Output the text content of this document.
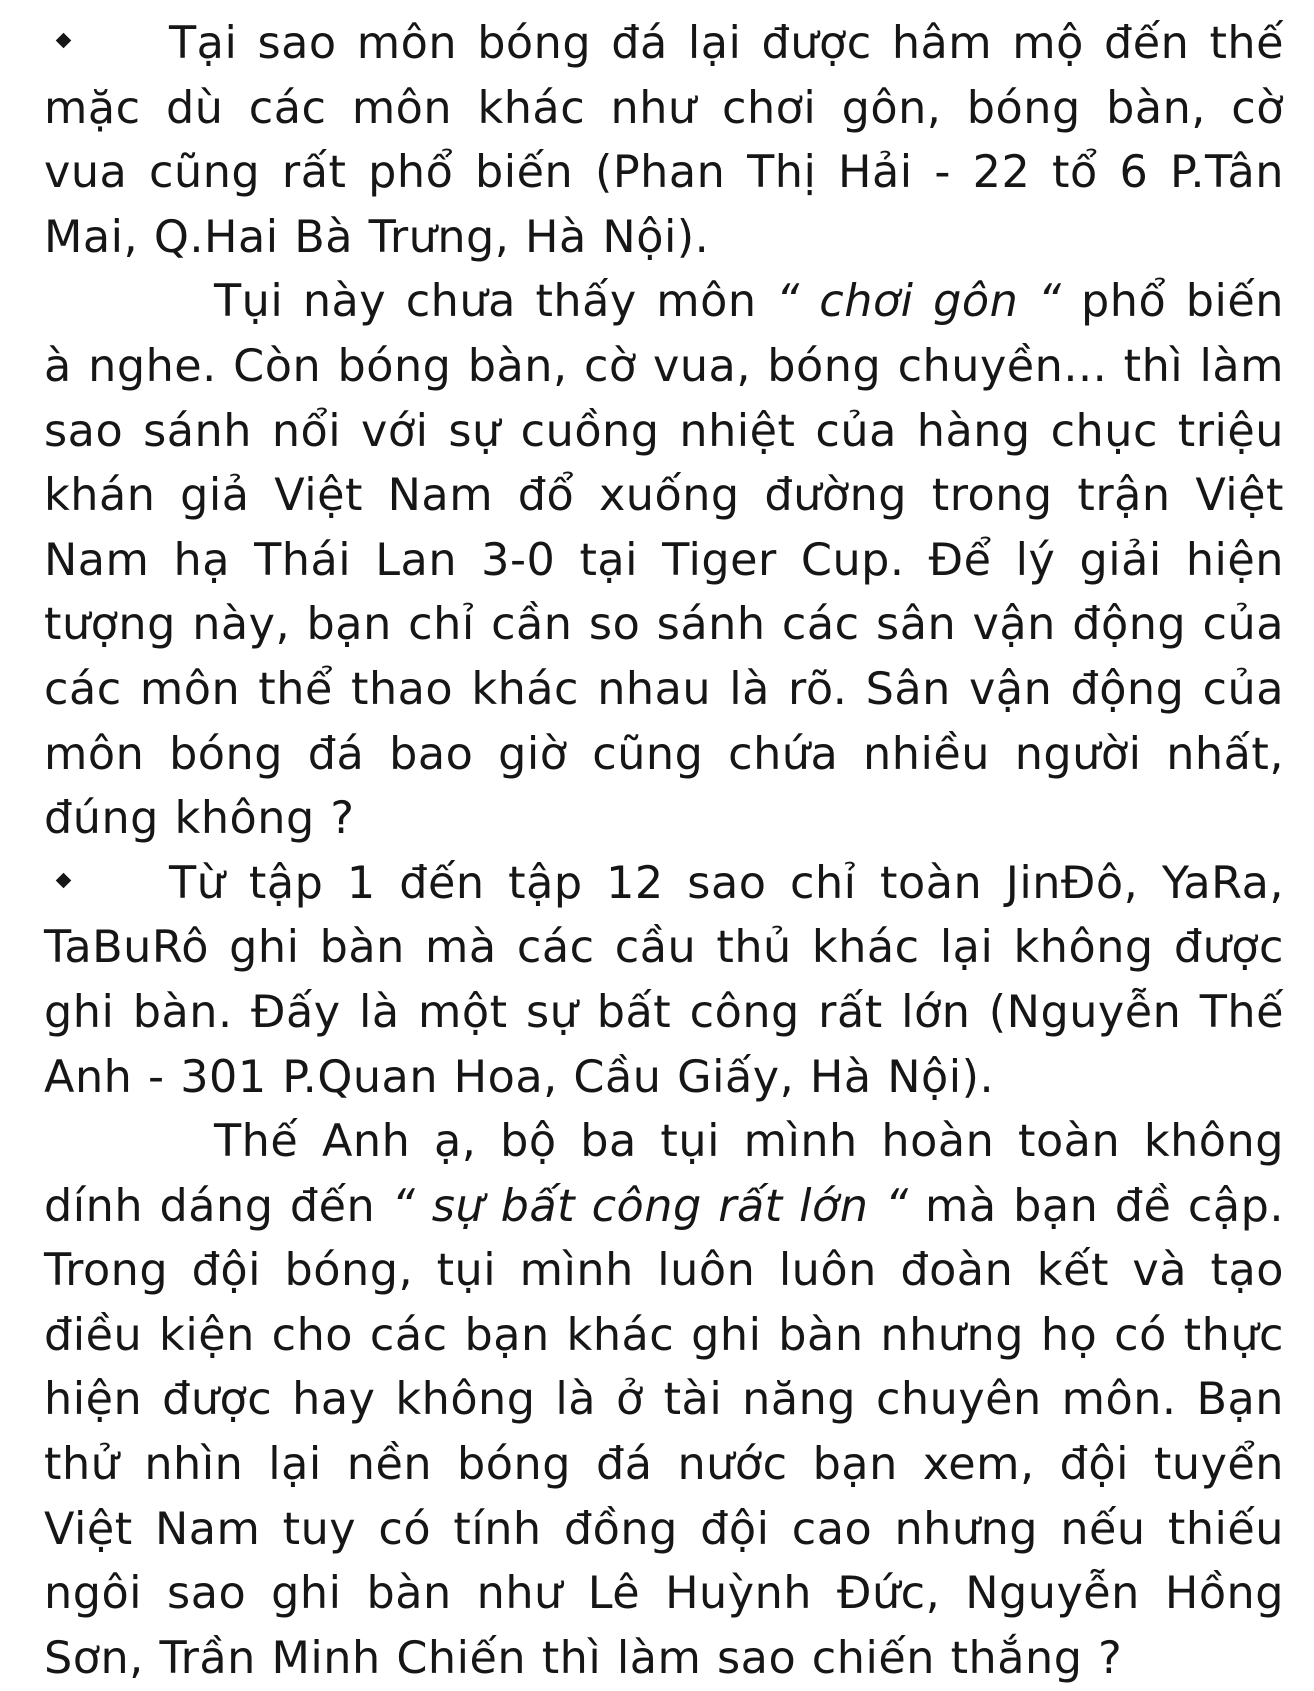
Tại sao môn bóng đá lại được hâm mộ đến thế mặc dù các môn khác như chơi gôn, bóng bàn, cờ vua cũng rất phổ biến (Phan Thị Hải - 22 tổ 6 P.Tân Mai, Q.Hai Bà Trưng, Hà Nội).

Tụi này chưa thấy môn “ chơi gôn “ phổ biến à nghe. Còn bóng bàn, cờ vua, bóng chuyền... thì làm sao sánh nổi với sự cuồng nhiệt của hàng chục triệu khán giả Việt Nam đổ xuống đường trong trận Việt Nam hạ Thái Lan 3-0 tại Tiger Cup. Để lý giải hiện tượng này, bạn chỉ cần so sánh các sân vận động của các môn thể thao khác nhau là rõ. Sân vận động của môn bóng đá bao giờ cũng chứa nhiều người nhất, đúng không ?

Từ tập 1 đến tập 12 sao chỉ toàn JinĐô, YaRa, TaBuRô ghi bàn mà các cầu thủ khác lại không được ghi bàn. Đấy là một sự bất công rất lớn (Nguyễn Thế Anh - 301 P.Quan Hoa, Cầu Giấy, Hà Nội).

Thế Anh ạ, bộ ba tụi mình hoàn toàn không dính dáng đến “ sự bất công rất lớn “ mà bạn đề cập. Trong đội bóng, tụi mình luôn luôn đoàn kết và tạo điều kiện cho các bạn khác ghi bàn nhưng họ có thực hiện được hay không là ở tài năng chuyên môn. Bạn thử nhìn lại nền bóng đá nước bạn xem, đội tuyển Việt Nam tuy có tính đồng đội cao nhưng nếu thiếu ngôi sao ghi bàn như Lê Huỳnh Đức, Nguyễn Hồng Sơn, Trần Minh Chiến thì làm sao chiến thắng ?
